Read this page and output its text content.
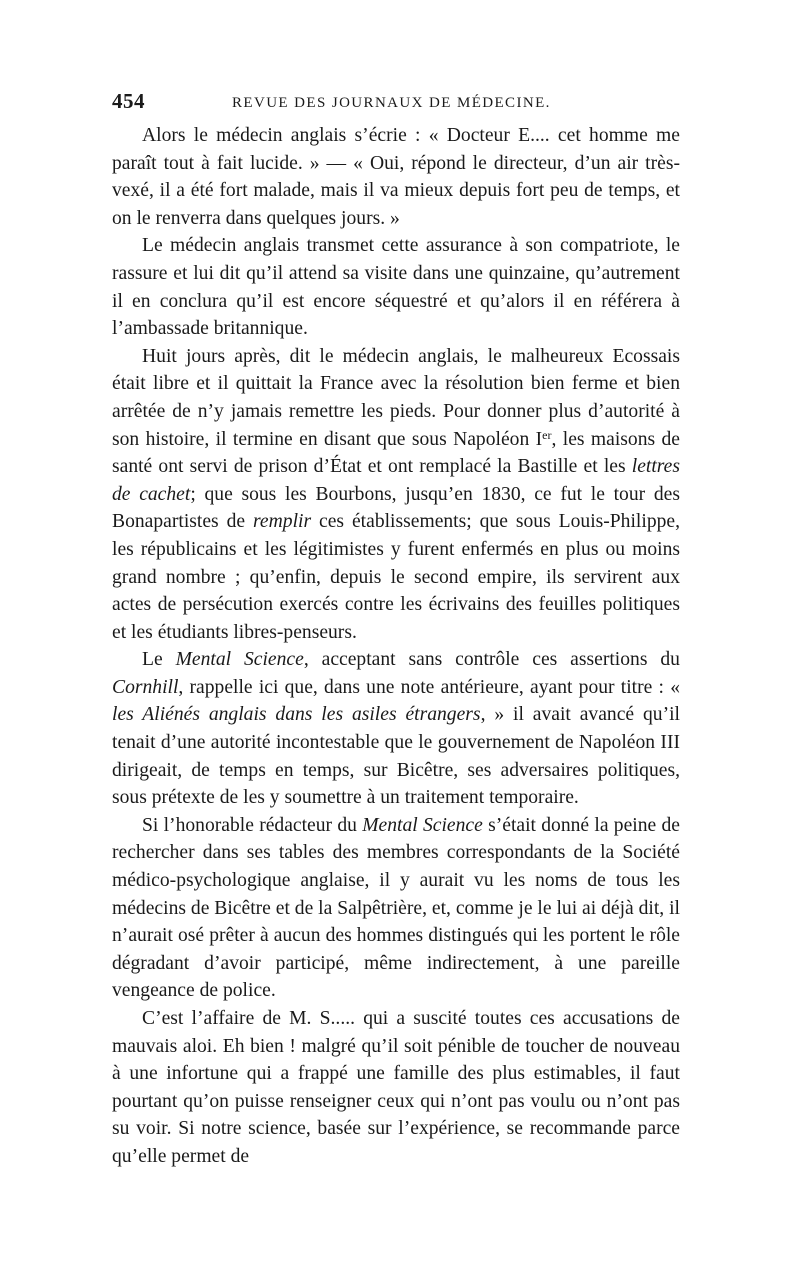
454	REVUE DES JOURNAUX DE MÉDECINE.

Alors le médecin anglais s’écrie : « Docteur E.... cet homme me paraît tout à fait lucide. » — « Oui, répond le directeur, d’un air très-vexé, il a été fort malade, mais il va mieux depuis fort peu de temps, et on le renverra dans quelques jours. »

Le médecin anglais transmet cette assurance à son compatriote, le rassure et lui dit qu’il attend sa visite dans une quinzaine, qu’autrement il en conclura qu’il est encore séquestré et qu’alors il en référera à l’ambassade britannique.

Huit jours après, dit le médecin anglais, le malheureux Ecossais était libre et il quittait la France avec la résolution bien ferme et bien arrêtée de n’y jamais remettre les pieds. Pour donner plus d’autorité à son histoire, il termine en disant que sous Napoléon Ier, les maisons de santé ont servi de prison d’État et ont remplacé la Bastille et les lettres de cachet; que sous les Bourbons, jusqu’en 1830, ce fut le tour des Bonapartistes de remplir ces établissements; que sous Louis-Philippe, les républicains et les légitimistes y furent enfermés en plus ou moins grand nombre ; qu’enfin, depuis le second empire, ils servirent aux actes de persécution exercés contre les écrivains des feuilles politiques et les étudiants libres-penseurs.

Le Mental Science, acceptant sans contrôle ces assertions du Cornhill, rappelle ici que, dans une note antérieure, ayant pour titre : « les Aliénés anglais dans les asiles étrangers, » il avait avancé qu’il tenait d’une autorité incontestable que le gouvernement de Napoléon III dirigeait, de temps en temps, sur Bicêtre, ses adversaires politiques, sous prétexte de les y soumettre à un traitement temporaire.

Si l’honorable rédacteur du Mental Science s’était donné la peine de rechercher dans ses tables des membres correspondants de la Société médico-psychologique anglaise, il y aurait vu les noms de tous les médecins de Bicêtre et de la Salpêtrière, et, comme je le lui ai déjà dit, il n’aurait osé prêter à aucun des hommes distingués qui les portent le rôle dégradant d’avoir participé, même indirectement, à une pareille vengeance de police.

C’est l’affaire de M. S..... qui a suscité toutes ces accusations de mauvais aloi. Eh bien ! malgré qu’il soit pénible de toucher de nouveau à une infortune qui a frappé une famille des plus estimables, il faut pourtant qu’on puisse renseigner ceux qui n’ont pas voulu ou n’ont pas su voir. Si notre science, basée sur l’expérience, se recommande parce qu’elle permet de
